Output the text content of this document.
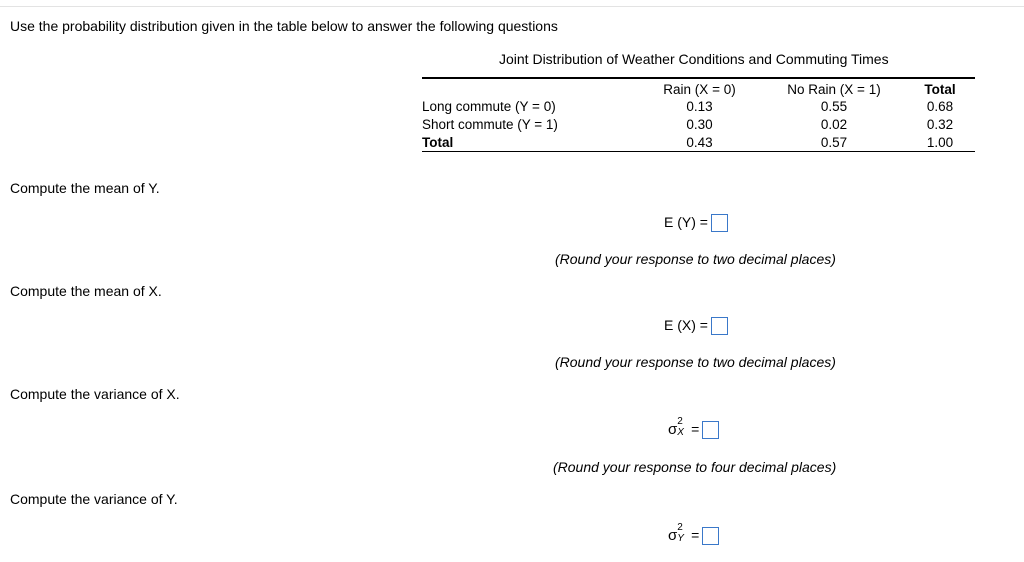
Use the probability distribution given in the table below to answer the following questions
Joint Distribution of Weather Conditions and Commuting Times
Rain (X = 0)	No Rain (X = 1)	Total
Long commute (Y = 0)	0.13	0.55	0.68
Short commute (Y = 1)	0.30	0.02	0.32
Total	0.43	0.57	1.00
Compute the mean of Y.
E (Y) =
(Round your response to two decimal places)
Compute the mean of X.
E (X) =
(Round your response to two decimal places)
Compute the variance of X.
σ 2
X =
(Round your response to four decimal places)
Compute the variance of Y.
σ 2
Y =
